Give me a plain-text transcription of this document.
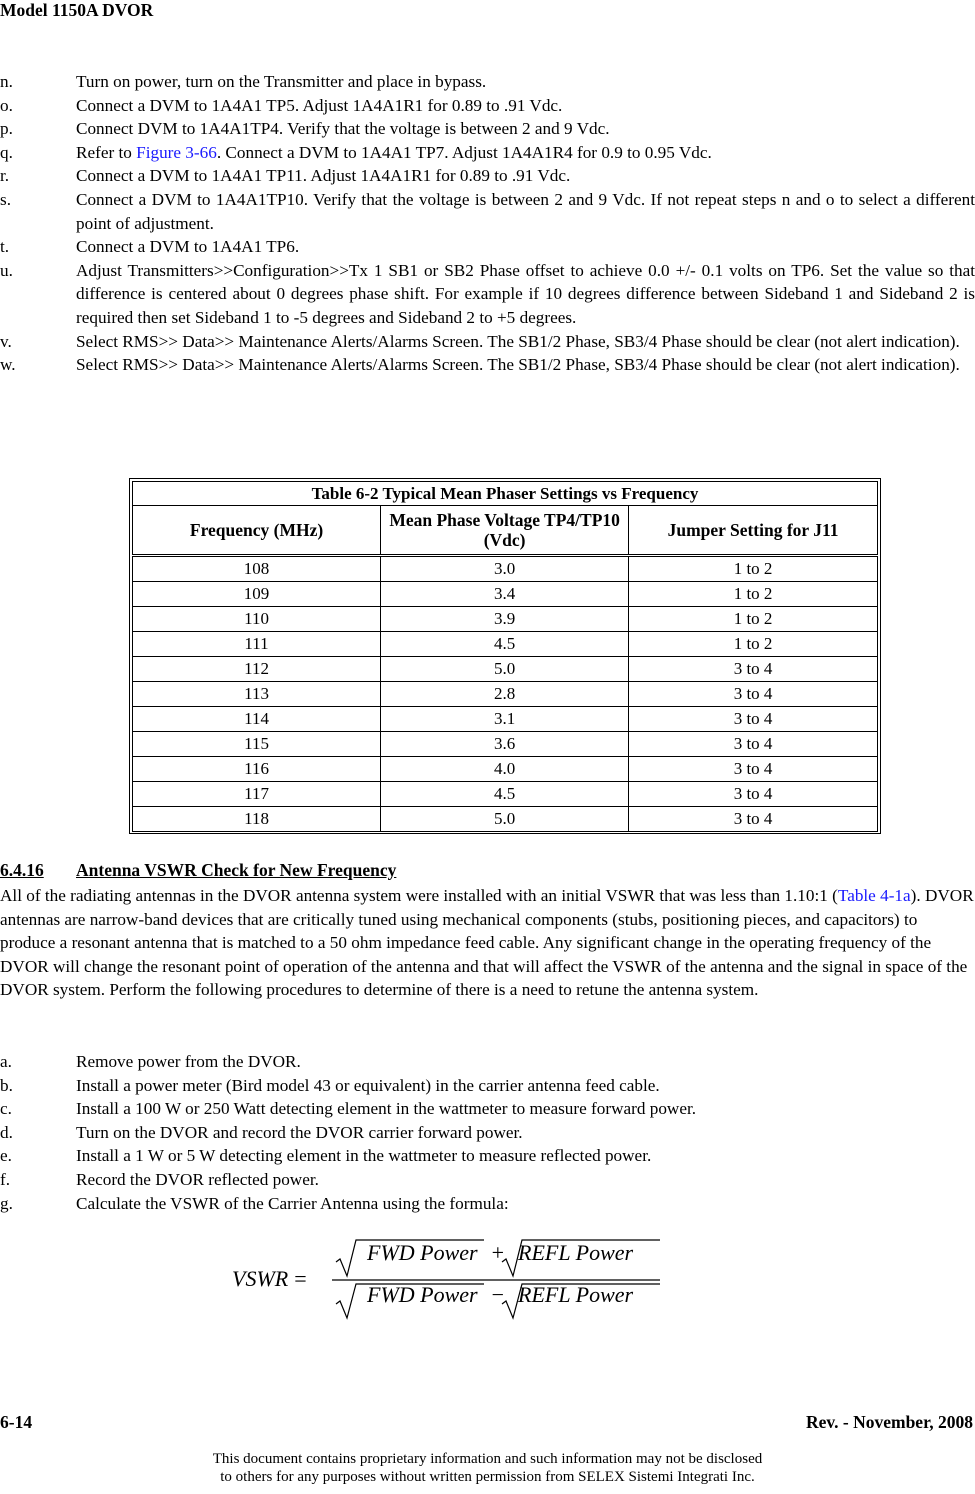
Model 1150A DVOR
n.	Turn on power, turn on the Transmitter and place in bypass.
o.	Connect a DVM to 1A4A1 TP5. Adjust 1A4A1R1 for 0.89 to .91 Vdc.
p.	Connect DVM to 1A4A1TP4. Verify that the voltage is between 2 and 9 Vdc.
q.	Refer to Figure 3-66. Connect a DVM to 1A4A1 TP7. Adjust 1A4A1R4 for 0.9 to 0.95 Vdc.
r.	Connect a DVM to 1A4A1 TP11. Adjust 1A4A1R1 for 0.89 to .91 Vdc.
s.	Connect a DVM to 1A4A1TP10. Verify that the voltage is between 2 and 9 Vdc. If not repeat steps n and o to select a different point of adjustment.
t.	Connect a DVM to 1A4A1 TP6.
u.	Adjust Transmitters>>Configuration>>Tx 1 SB1 or SB2 Phase offset to achieve 0.0 +/- 0.1 volts on TP6. Set the value so that difference is centered about 0 degrees phase shift. For example if 10 degrees difference between Sideband 1 and Sideband 2 is required then set Sideband 1 to -5 degrees and Sideband 2 to +5 degrees.
v.	Select RMS>> Data>> Maintenance Alerts/Alarms Screen. The SB1/2 Phase, SB3/4 Phase should be clear (not alert indication).
w.	Select RMS>> Data>> Maintenance Alerts/Alarms Screen. The SB1/2 Phase, SB3/4 Phase should be clear (not alert indication).
Table 6-2 Typical Mean Phaser Settings vs Frequency		
Frequency (MHz)	Mean Phase Voltage TP4/TP10 (Vdc)	Jumper Setting for J11
108	3.0	1 to 2
109	3.4	1 to 2
110	3.9	1 to 2
111	4.5	1 to 2
112	5.0	3 to 4
113	2.8	3 to 4
114	3.1	3 to 4
115	3.6	3 to 4
116	4.0	3 to 4
117	4.5	3 to 4
118	5.0	3 to 4
6.4.16 Antenna VSWR Check for New Frequency
All of the radiating antennas in the DVOR antenna system were installed with an initial VSWR that was less than 1.10:1 (Table 4-1a). DVOR antennas are narrow-band devices that are critically tuned using mechanical components (stubs, positioning pieces, and capacitors) to produce a resonant antenna that is matched to a 50 ohm impedance feed cable. Any significant change in the operating frequency of the DVOR will change the resonant point of operation of the antenna and that will affect the VSWR of the antenna and the signal in space of the DVOR system. Perform the following procedures to determine of there is a need to retune the antenna system.
a.	Remove power from the DVOR.
b.	Install a power meter (Bird model 43 or equivalent) in the carrier antenna feed cable.
c.	Install a 100 W or 250 Watt detecting element in the wattmeter to measure forward power.
d.	Turn on the DVOR and record the DVOR carrier forward power.
e.	Install a 1 W or 5 W detecting element in the wattmeter to measure reflected power.
f.	Record the DVOR reflected power.
g.	Calculate the VSWR of the Carrier Antenna using the formula:
VSWR =
FWD Power + REFL Power
FWD Power − REFL Power
6-14	Rev. - November, 2008
This document contains proprietary information and such information may not be disclosed
to others for any purposes without written permission from SELEX Sistemi Integrati Inc.
